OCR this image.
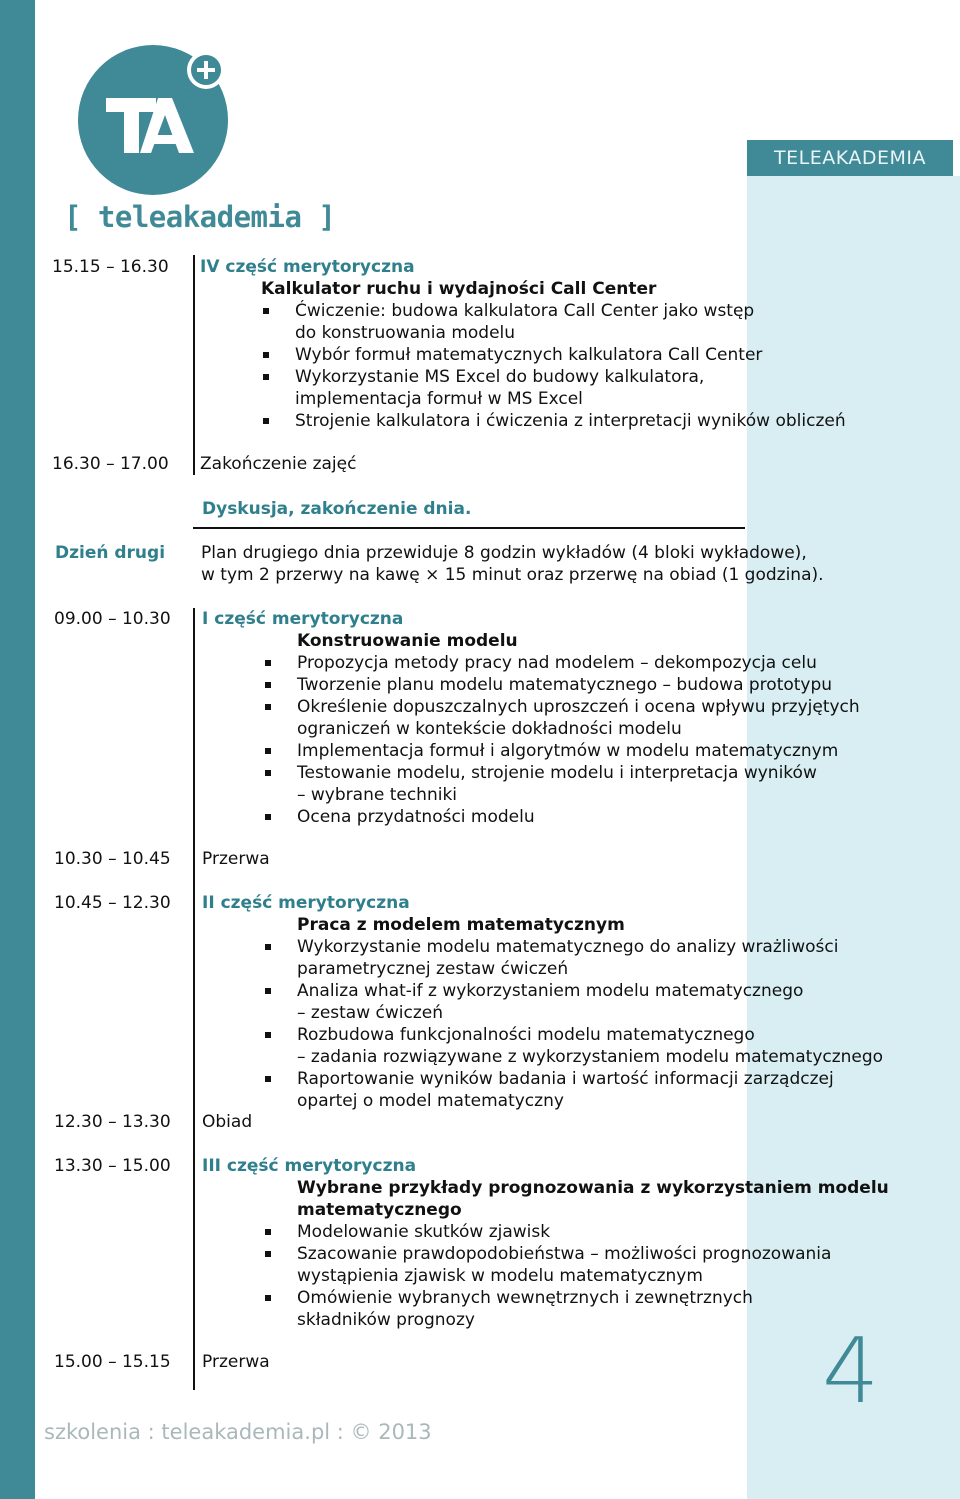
TELEAKADEMIA
[ teleakademia ]
15.15 – 16.30 IV część merytoryczna
Kalkulator ruchu i wydajności Call Center
Ćwiczenie: budowa kalkulatora Call Center jako wstęp
do konstruowania modelu
Wybór formuł matematycznych kalkulatora Call Center
Wykorzystanie MS Excel do budowy kalkulatora,
implementacja formuł w MS Excel
Strojenie kalkulatora i ćwiczenia z interpretacji wyników obliczeń
16.30 – 17.00 Zakończenie zajęć
Dyskusja, zakończenie dnia.
Dzień drugi Plan drugiego dnia przewiduje 8 godzin wykładów (4 bloki wykładowe),
w tym 2 przerwy na kawę × 15 minut oraz przerwę na obiad (1 godzina).
09.00 – 10.30 I część merytoryczna
Konstruowanie modelu
Propozycja metody pracy nad modelem – dekompozycja celu
Tworzenie planu modelu matematycznego – budowa prototypu
Określenie dopuszczalnych uproszczeń i ocena wpływu przyjętych
ograniczeń w kontekście dokładności modelu
Implementacja formuł i algorytmów w modelu matematycznym
Testowanie modelu, strojenie modelu i interpretacja wyników
– wybrane techniki
Ocena przydatności modelu
10.30 – 10.45 Przerwa
10.45 – 12.30 II część merytoryczna
Praca z modelem matematycznym
Wykorzystanie modelu matematycznego do analizy wrażliwości
parametrycznej zestaw ćwiczeń
Analiza what-if z wykorzystaniem modelu matematycznego
– zestaw ćwiczeń
Rozbudowa funkcjonalności modelu matematycznego
– zadania rozwiązywane z wykorzystaniem modelu matematycznego
Raportowanie wyników badania i wartość informacji zarządczej
opartej o model matematyczny
12.30 – 13.30 Obiad
13.30 – 15.00 III część merytoryczna
Wybrane przykłady prognozowania z wykorzystaniem modelu
matematycznego
Modelowanie skutków zjawisk
Szacowanie prawdopodobieństwa – możliwości prognozowania
wystąpienia zjawisk w modelu matematycznym
Omówienie wybranych wewnętrznych i zewnętrznych
składników prognozy
15.00 – 15.15 Przerwa	4
szkolenia : teleakademia.pl : © 2013
